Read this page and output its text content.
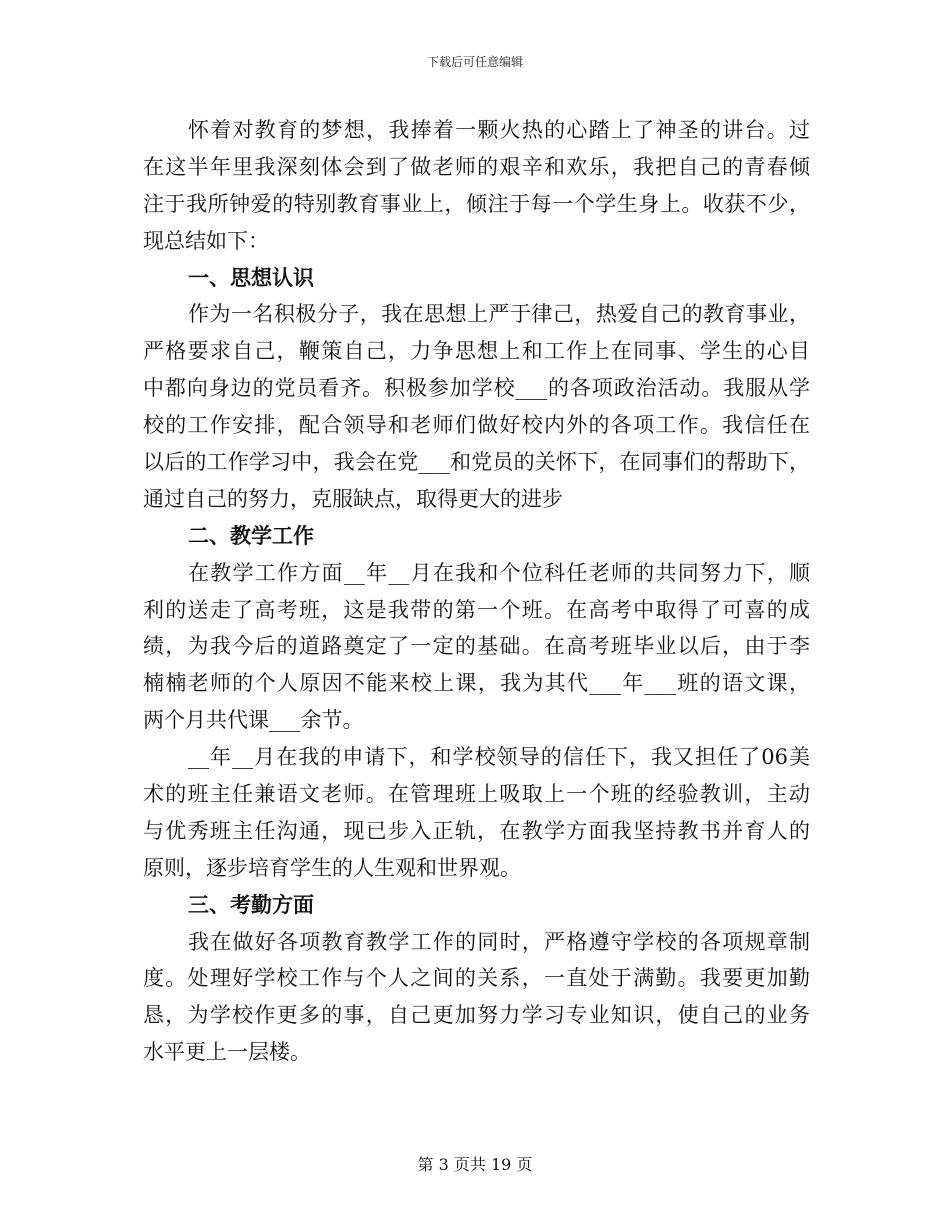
下载后可任意编辑
怀着对教育的梦想，我捧着一颗火热的心踏上了神圣的讲台。过
在这半年里我深刻体会到了做老师的艰辛和欢乐，我把自己的青春倾
注于我所钟爱的特别教育事业上，倾注于每一个学生身上。收获不少，
现总结如下：
一、思想认识
作为一名积极分子，我在思想上严于律己，热爱自己的教育事业，
严格要求自己，鞭策自己，力争思想上和工作上在同事、学生的心目
中都向身边的党员看齐。积极参加学校___的各项政治活动。我服从学
校的工作安排，配合领导和老师们做好校内外的各项工作。我信任在
以后的工作学习中，我会在党___和党员的关怀下，在同事们的帮助下，
通过自己的努力，克服缺点，取得更大的进步
二、教学工作
在教学工作方面__年__月在我和个位科任老师的共同努力下，顺
利的送走了高考班，这是我带的第一个班。在高考中取得了可喜的成
绩，为我今后的道路奠定了一定的基础。在高考班毕业以后，由于李
楠楠老师的个人原因不能来校上课，我为其代___年___班的语文课，
两个月共代课___余节。
__年__月在我的申请下，和学校领导的信任下，我又担任了06美
术的班主任兼语文老师。在管理班上吸取上一个班的经验教训，主动
与优秀班主任沟通，现已步入正轨，在教学方面我坚持教书并育人的
原则，逐步培育学生的人生观和世界观。
三、考勤方面
我在做好各项教育教学工作的同时，严格遵守学校的各项规章制
度。处理好学校工作与个人之间的关系，一直处于满勤。我要更加勤
恳，为学校作更多的事，自己更加努力学习专业知识，使自己的业务
水平更上一层楼。
第 3 页共 19 页
